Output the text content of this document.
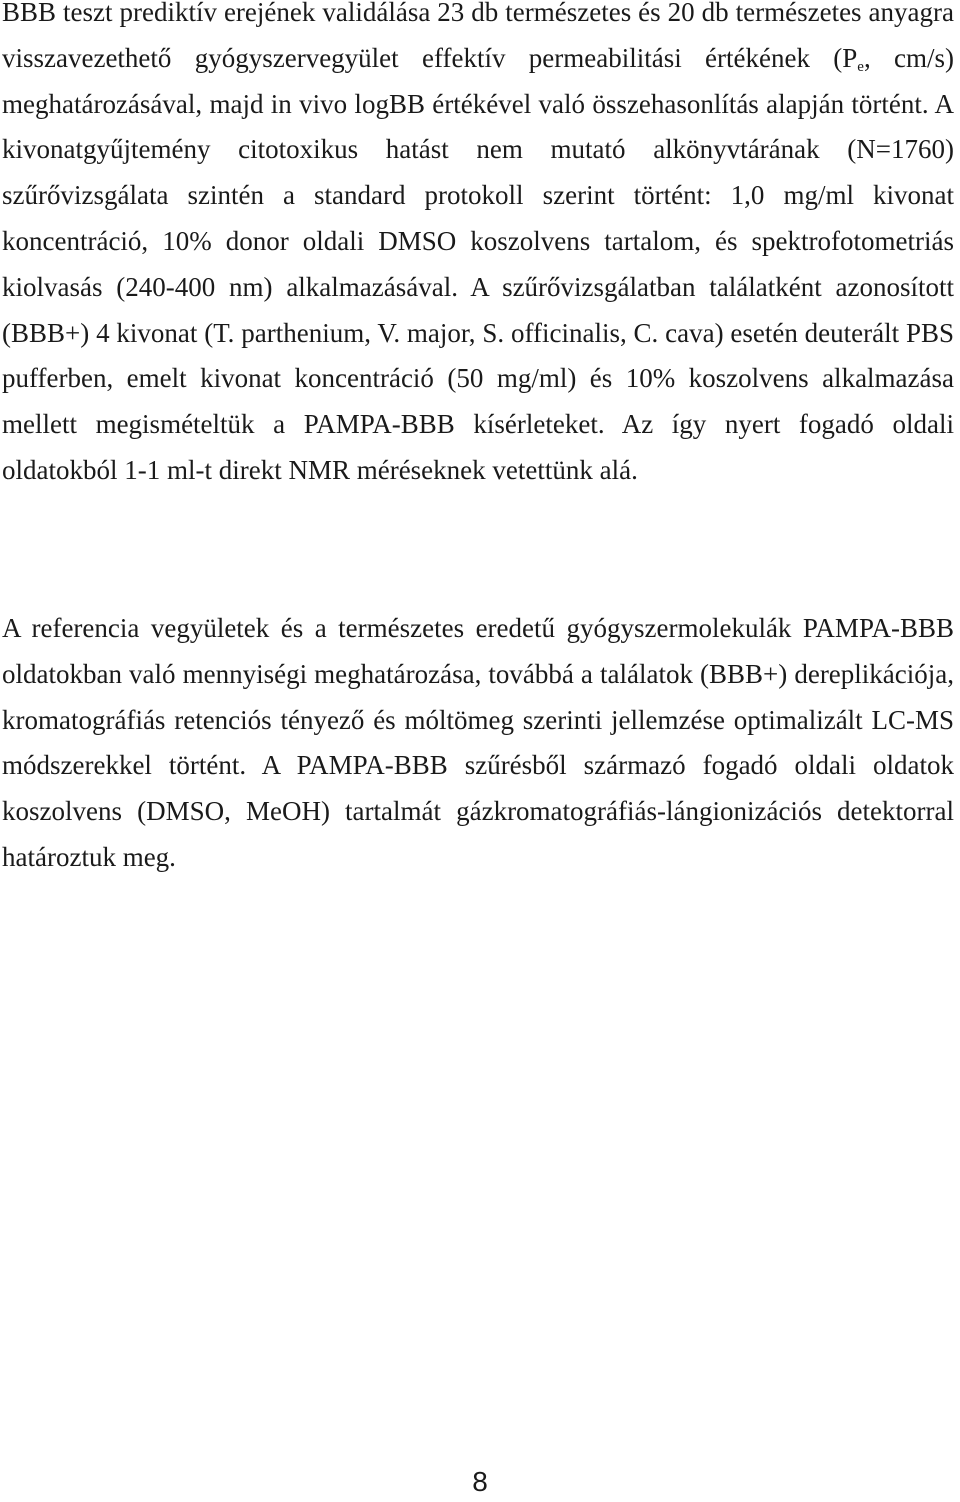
BBB teszt prediktív erejének validálása 23 db természetes és 20 db természetes anyagra visszavezethető gyógyszervegyület effektív permeabilitási értékének ($P_e$, cm/s) meghatározásával, majd in vivo logBB értékével való összehasonlítás alapján történt. A kivonatgyűjtemény citotoxikus hatást nem mutató alkönyvtárának (N=1760) szűrővizsgálata szintén a standard protokoll szerint történt: 1,0 mg/ml kivonat koncentráció, 10% donor oldali DMSO koszolvens tartalom, és spektrofotometriás kiolvasás (240-400 nm) alkalmazásával. A szűrővizsgálatban találatként azonosított (BBB+) 4 kivonat (T. parthenium, V. major, S. officinalis, C. cava) esetén deuterált PBS pufferben, emelt kivonat koncentráció (50 mg/ml) és 10% koszolvens alkalmazása mellett megismételtük a PAMPA-BBB kísérleteket. Az így nyert fogadó oldali oldatokból 1-1 ml-t direkt NMR méréseknek vetettünk alá.

A referencia vegyületek és a természetes eredetű gyógyszermolekulák PAMPA-BBB oldatokban való mennyiségi meghatározása, továbbá a találatok (BBB+) dereplikációja, kromatográfiás retenciós tényező és móltömeg szerinti jellemzése optimalizált LC-MS módszerekkel történt. A PAMPA-BBB szűrésből származó fogadó oldali oldatok koszolvens (DMSO, MeOH) tartalmát gázkromatográfiás-lángionizációs detektorral határoztuk meg.

8
